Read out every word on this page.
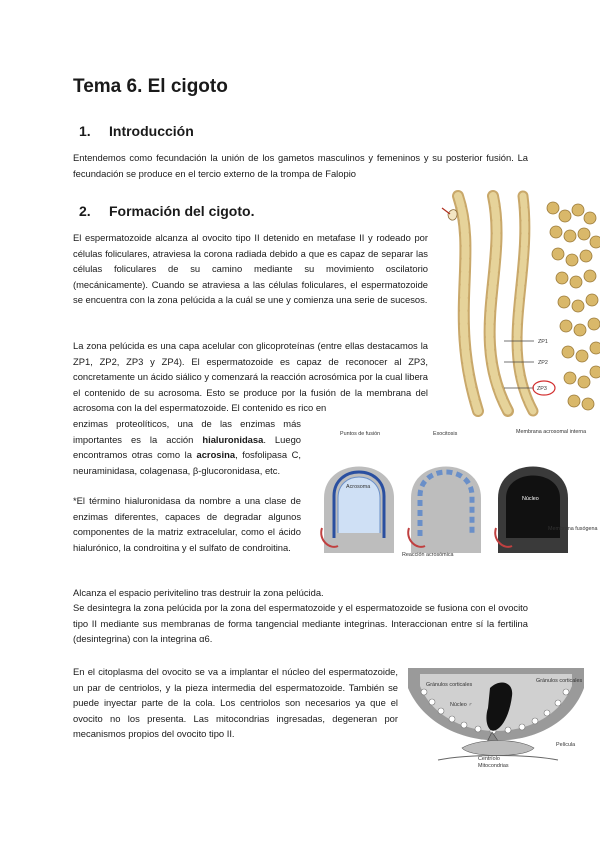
Tema 6. El cigoto
1. Introducción

Entendemos como fecundación la unión de los gametos masculinos y femeninos y su posterior fusión. La fecundación se produce en el tercio externo de la trompa de Falopio

2. Formación del cigoto.

El espermatozoide alcanza al ovocito tipo II detenido en metafase II y rodeado por células foliculares, atraviesa la corona radiada debido a que es capaz de separar las células foliculares de su camino mediante su movimiento oscilatorio (mecánicamente). Cuando se atraviesa a las células foliculares, el espermatozoide se encuentra con la zona pelúcida a la cuál se une y comienza una serie de sucesos.

La zona pelúcida es una capa acelular con glicoproteínas (entre ellas destacamos la ZP1, ZP2, ZP3 y ZP4). El espermatozoide es capaz de reconocer al ZP3, concretamente un ácido siálico y comenzará la reacción acrosómica por la cual libera el contenido de su acrosoma. Esto se produce por la fusión de la membrana del acrosoma con la del espermatozoide. El contenido es rico en

enzimas proteolíticos, una de las enzimas más importantes es la acción hialuronidasa. Luego encontramos otras como la acrosina, fosfolipasa C, neuraminidasa, colagenasa, β-glucoronidasa, etc.

*El término hialuronidasa da nombre a una clase de enzimas diferentes, capaces de degradar algunos componentes de la matriz extracelular, como el ácido hialurónico, la condroitina y el sulfato de condroitina.

Alcanza el espacio perivitelino tras destruir la zona pelúcida.

Se desintegra la zona pelúcida por la zona del espermatozoide y el espermatozoide se fusiona con el ovocito tipo II mediante sus membranas de forma tangencial mediante integrinas. Interaccionan entre sí la fertilina (desintegrina) con la integrina α6.

En el citoplasma del ovocito se va a implantar el núcleo del espermatozoide, un par de centriolos, y la pieza intermedia del espermatozoide. También se puede inyectar parte de la cola. Los centriolos son necesarios ya que el ovocito no los presenta. Las mitocondrias ingresadas, degeneran por mecanismos propios del ovocito tipo II.

ZP1
ZP2
ZP3
Puntos de fusión	Exocitosis	Membrana acrosomal interna
Acrosoma
Núcleo
Membrana fusógena
Reacción acrosómica
Gránulos corticales
Gránulos corticales
Núcleo ♂
Centríolo
Mitocondrias
Película
